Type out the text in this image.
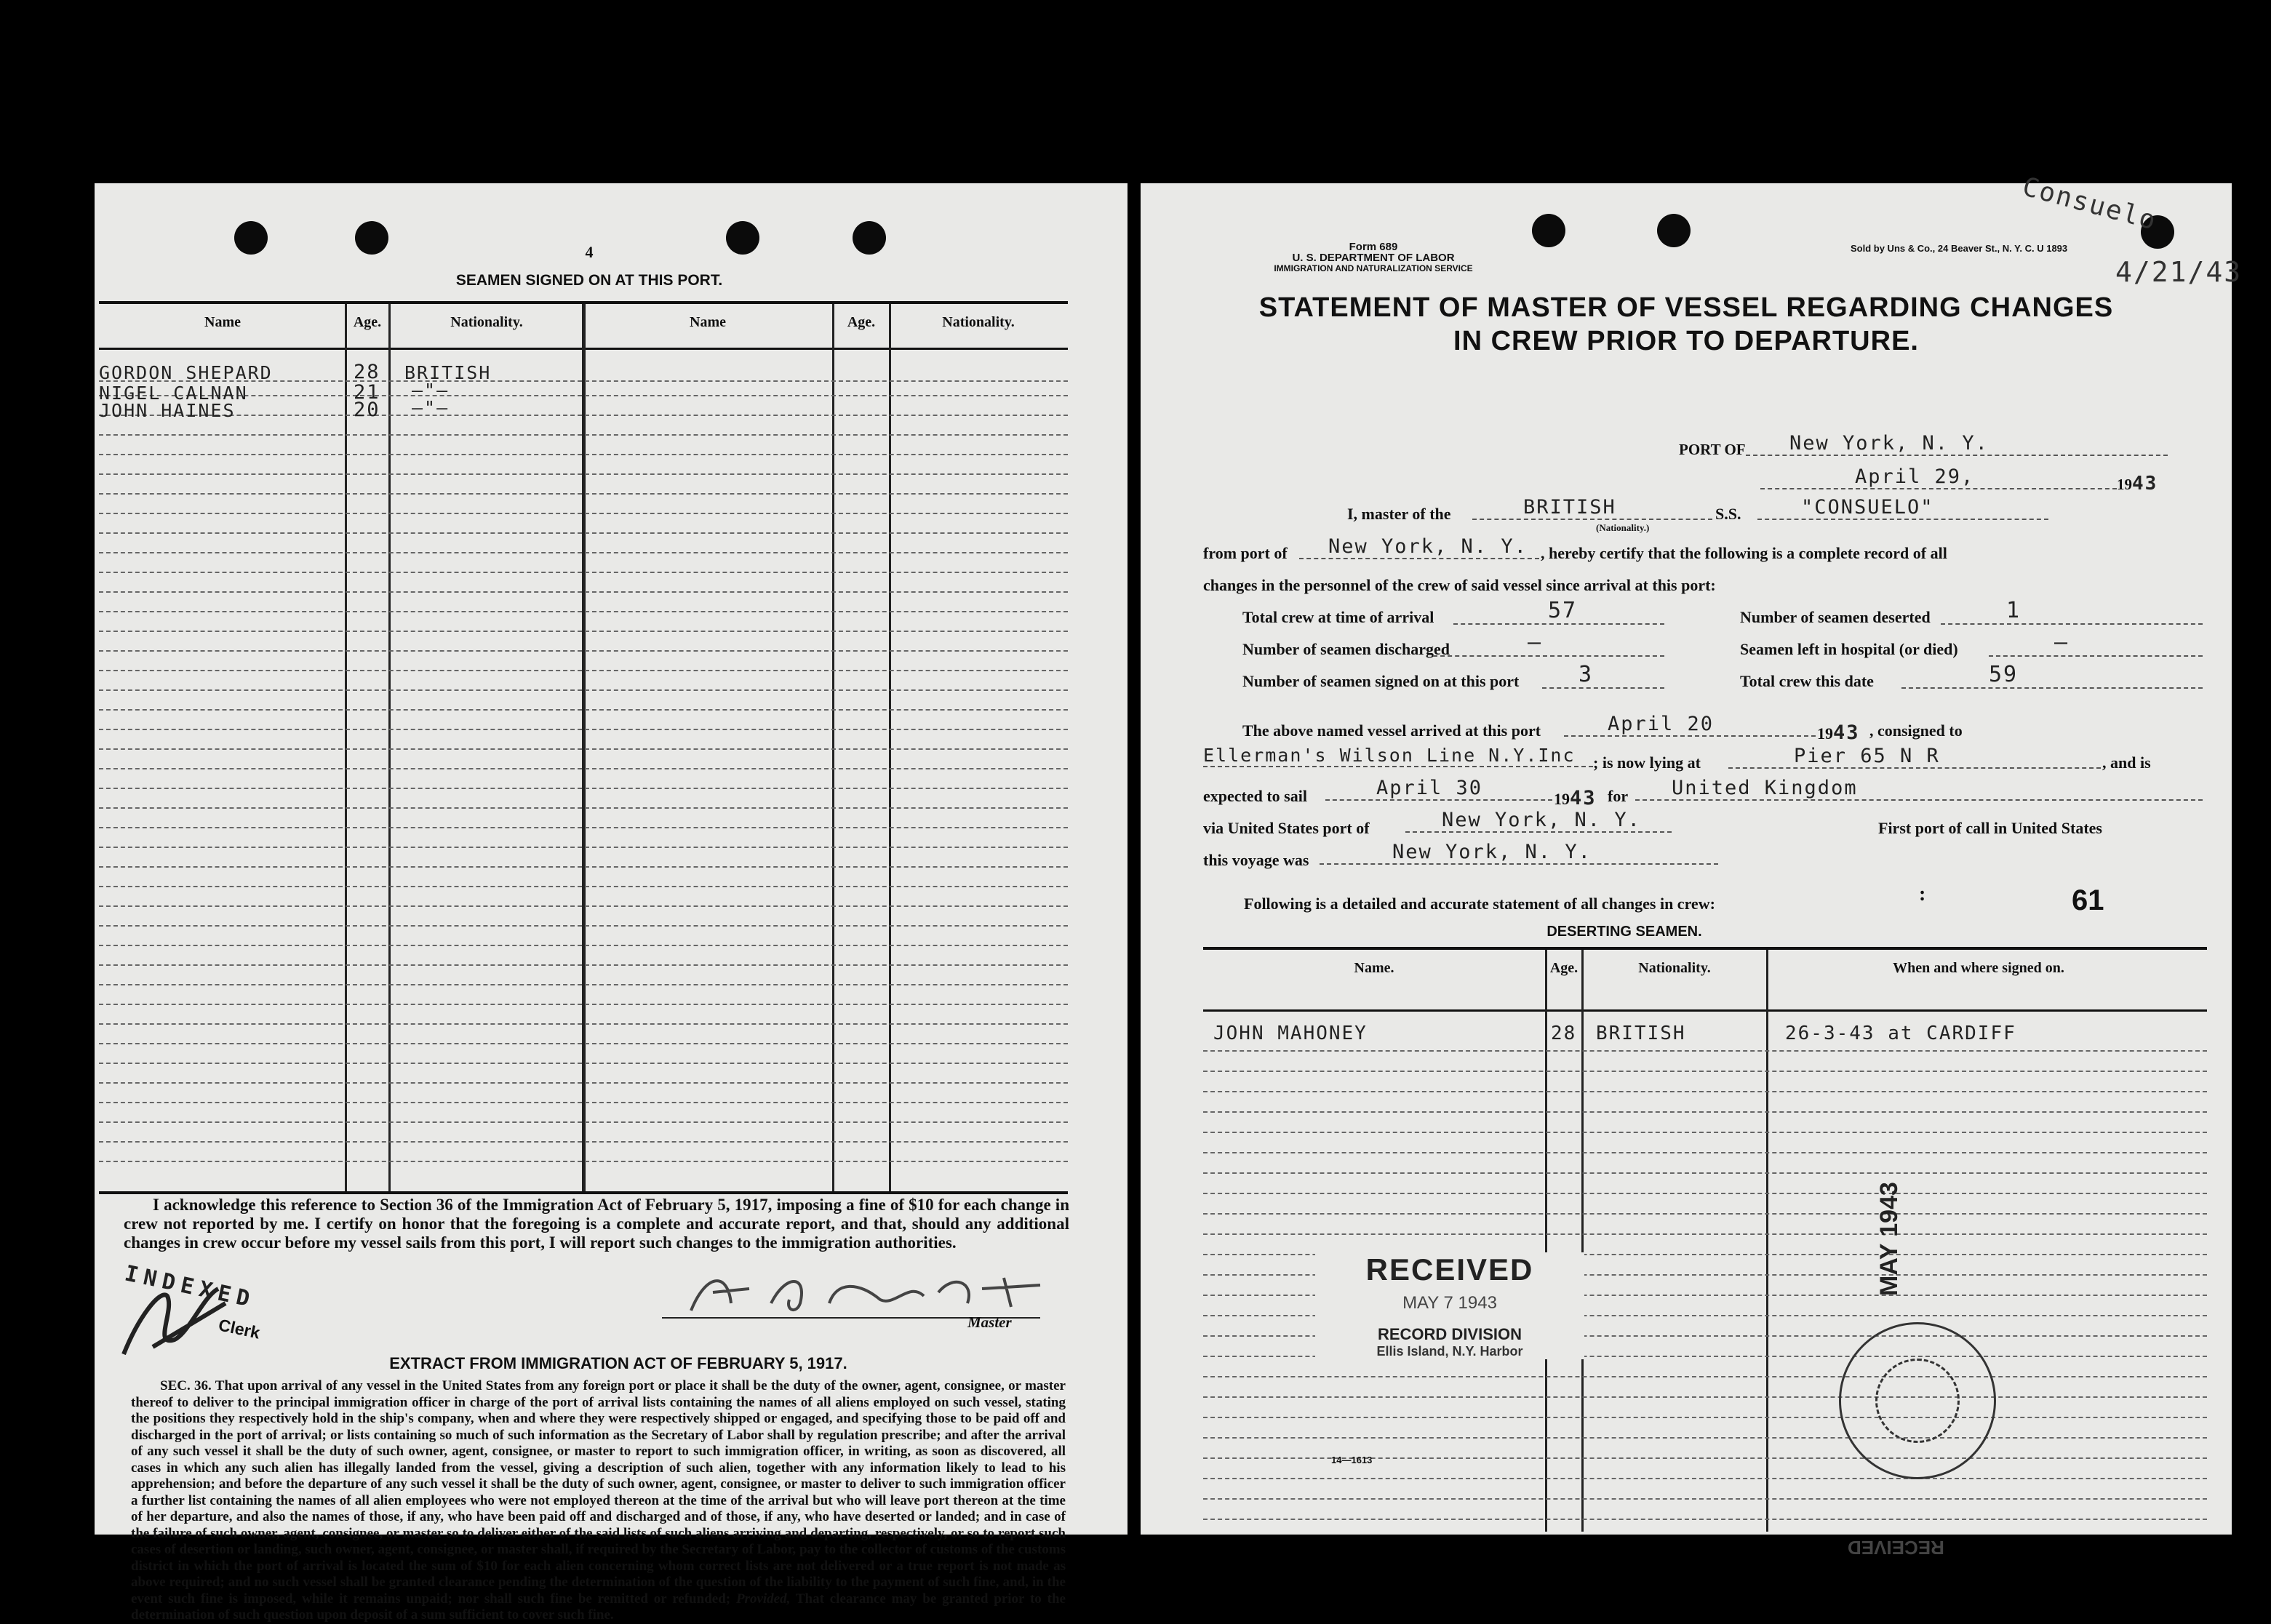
4
SEAMEN SIGNED ON AT THIS PORT.
Name	Age.	Nationality.	Name	Age.	Nationality.
GORDON SHEPARD	28 BRITISH
NIGEL CALNAN	21 —"—
JOHN HAINES	20 —"—
I acknowledge this reference to Section 36 of the Immigration Act of February 5, 1917, imposing a fine of $10 for each change in crew not reported by me. I certify on honor that the foregoing is a complete and accurate report, and that, should any additional changes in crew occur before my vessel sails from this port, I will report such changes to the immigration authorities.
Master
INDEXED
Clerk
EXTRACT FROM IMMIGRATION ACT OF FEBRUARY 5, 1917.
SEC. 36. That upon arrival of any vessel in the United States from any foreign port or place it shall be the duty of the owner, agent, consignee, or master thereof to deliver to the principal immigration officer in charge of the port of arrival lists containing the names of all aliens employed on such vessel, stating the positions they respectively hold in the ship's company, when and where they were respectively shipped or engaged, and specifying those to be paid off and discharged in the port of arrival; or lists containing so much of such information as the Secretary of Labor shall by regulation prescribe; and after the arrival of any such vessel it shall be the duty of such owner, agent, consignee, or master to report to such immigration officer, in writing, as soon as discovered, all cases in which any such alien has illegally landed from the vessel, giving a description of such alien, together with any information likely to lead to his apprehension; and before the departure of any such vessel it shall be the duty of such owner, agent, consignee, or master to deliver to such immigration officer a further list containing the names of all alien employees who were not employed thereon at the time of the arrival but who will leave port thereon at the time of her departure, and also the names of those, if any, who have been paid off and discharged and of those, if any, who have deserted or landed; and in case of the failure of such owner, agent, consignee, or master so to deliver either of the said lists of such aliens arriving and departing, respectively, or so to report such cases of desertion or landing, such owner, agent, consignee, or master shall, if required by the Secretary of Labor, pay to the collector of customs of the customs district in which the port of arrival is located the sum of $10 for each alien concerning whom correct lists are not delivered or a true report is not made as above required; and no such vessel shall be granted clearance pending the determination of the question of the liability to the payment of such fine, and, in the event such fine is imposed, while it remains unpaid; nor shall such fine be remitted or refunded; Provided, That clearance may be granted prior to the determination of such question upon deposit of a sum sufficient to cover such fine.
Form 689
U. S. DEPARTMENT OF LABOR
IMMIGRATION AND NATURALIZATION SERVICE
Sold by Uns & Co., 24 Beaver St., N. Y. C. U 1893
Consuelo
4/21/43
STATEMENT OF MASTER OF VESSEL REGARDING CHANGES
IN CREW PRIOR TO DEPARTURE.
PORT OF	New York, N. Y.
April 29,	1943
I, master of the	BRITISH
(Nationality.)
S.S.	"CONSUELO"
from port of	New York, N. Y. , hereby certify that the following is a complete record of all
changes in the personnel of the crew of said vessel since arrival at this port:
Total crew at time of arrival	57	Number of seamen deserted	1
Number of seamen discharged	—	Seamen left in hospital (or died)	—
Number of seamen signed on at this port	3	Total crew this date	59
The above named vessel arrived at this port	April 20	1943 , consigned to
Ellerman's Wilson Line N.Y.Inc	; is now lying at	Pier 65 N R	, and is
expected to sail	April 30	1943 for	United Kingdom
via United States port of	New York, N. Y.	First port of call in United States
this voyage was	New York, N. Y.
Following is a detailed and accurate statement of all changes in crew:	:	61
DESERTING SEAMEN.
Name.	Age.	Nationality.	When and where signed on.
JOHN MAHONEY	28 BRITISH	26-3-43 at CARDIFF
RECEIVED
MAY 7 1943
RECORD DIVISION
Ellis Island, N.Y. Harbor
MAY 1943
14—1613
RECEIVED
